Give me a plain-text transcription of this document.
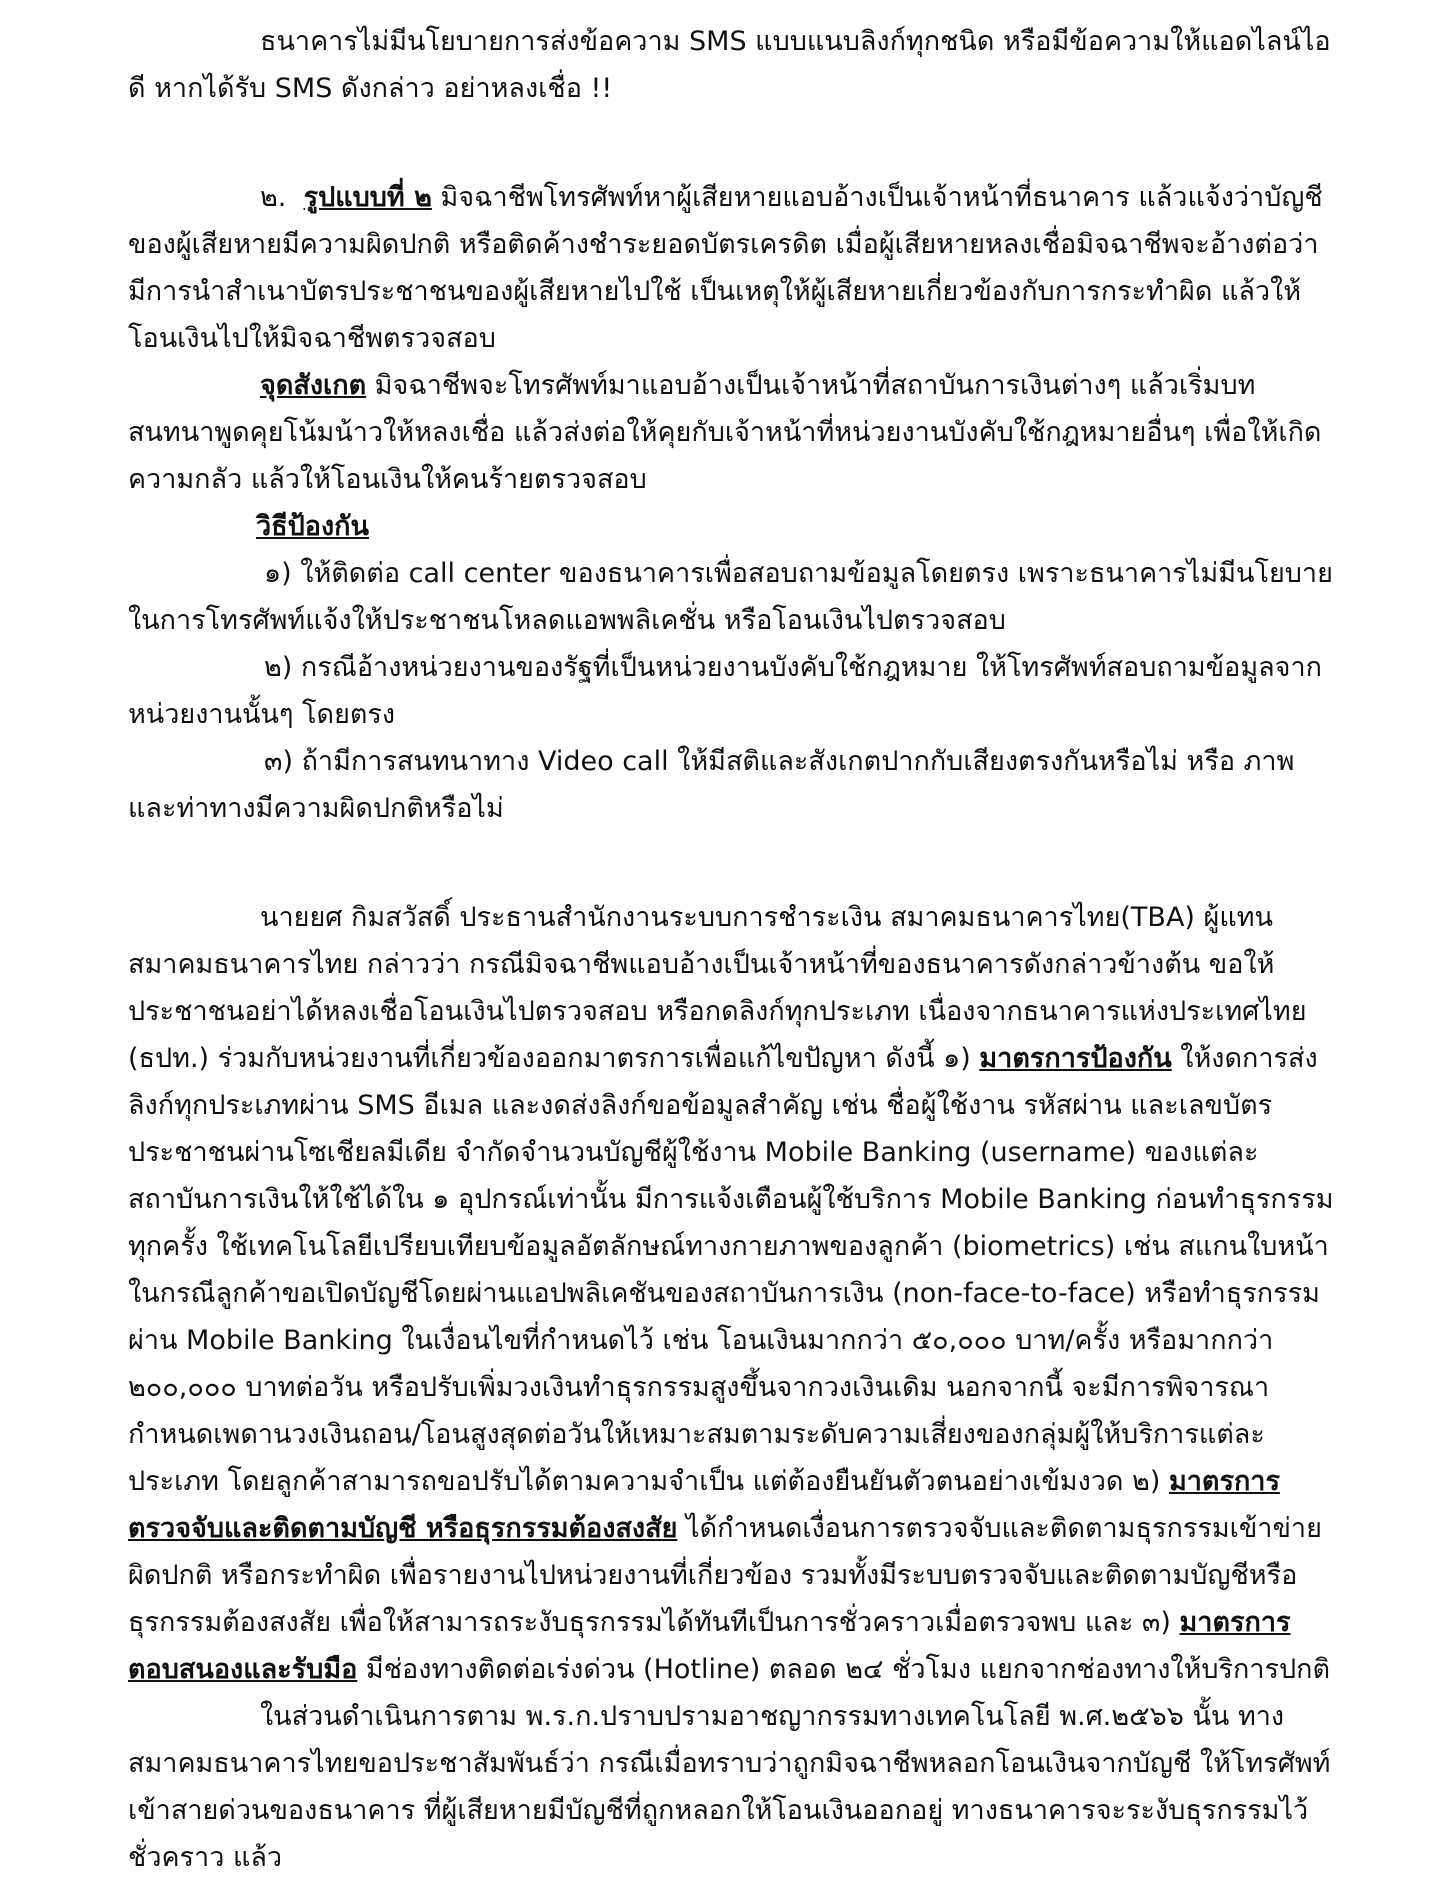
ธนาคารไม่มีนโยบายการส่งข้อความ SMS แบบแนบลิงก์ทุกชนิด หรือมีข้อความให้แอดไลน์ไอดี หากได้รับ SMS ดังกล่าว อย่าหลงเชื่อ !!

๒. รูปแบบที่ ๒ มิจฉาชีพโทรศัพท์หาผู้เสียหายแอบอ้างเป็นเจ้าหน้าที่ธนาคาร แล้วแจ้งว่าบัญชีของผู้เสียหายมีความผิดปกติ หรือติดค้างชำระยอดบัตรเครดิต เมื่อผู้เสียหายหลงเชื่อมิจฉาชีพจะอ้างต่อว่า มีการนำสำเนาบัตรประชาชนของผู้เสียหายไปใช้ เป็นเหตุให้ผู้เสียหายเกี่ยวข้องกับการกระทำผิด แล้วให้โอนเงินไปให้มิจฉาชีพตรวจสอบ

จุดสังเกต มิจฉาชีพจะโทรศัพท์มาแอบอ้างเป็นเจ้าหน้าที่สถาบันการเงินต่างๆ แล้วเริ่มบทสนทนาพูดคุยโน้มน้าวให้หลงเชื่อ แล้วส่งต่อให้คุยกับเจ้าหน้าที่หน่วยงานบังคับใช้กฎหมายอื่นๆ เพื่อให้เกิดความกลัว แล้วให้โอนเงินให้คนร้ายตรวจสอบ

วิธีป้องกัน

๑) ให้ติดต่อ call center ของธนาคารเพื่อสอบถามข้อมูลโดยตรง เพราะธนาคารไม่มีนโยบายในการโทรศัพท์แจ้งให้ประชาชนโหลดแอพพลิเคชั่น หรือโอนเงินไปตรวจสอบ

๒) กรณีอ้างหน่วยงานของรัฐที่เป็นหน่วยงานบังคับใช้กฎหมาย ให้โทรศัพท์สอบถามข้อมูลจากหน่วยงานนั้นๆ โดยตรง

๓) ถ้ามีการสนทนาทาง Video call ให้มีสติและสังเกตปากกับเสียงตรงกันหรือไม่ หรือ ภาพและท่าทางมีความผิดปกติหรือไม่

นายยศ กิมสวัสดิ์ ประธานสำนักงานระบบการชำระเงิน สมาคมธนาคารไทย(TBA) ผู้แทน สมาคมธนาคารไทย กล่าวว่า กรณีมิจฉาชีพแอบอ้างเป็นเจ้าหน้าที่ของธนาคารดังกล่าวข้างต้น ขอให้ประชาชนอย่าได้หลงเชื่อโอนเงินไปตรวจสอบ หรือกดลิงก์ทุกประเภท เนื่องจากธนาคารแห่งประเทศไทย (ธปท.) ร่วมกับหน่วยงานที่เกี่ยวข้องออกมาตรการเพื่อแก้ไขปัญหา ดังนี้ ๑) มาตรการป้องกัน ให้งดการส่งลิงก์ทุกประเภทผ่าน SMS อีเมล และงดส่งลิงก์ขอข้อมูลสำคัญ เช่น ชื่อผู้ใช้งาน รหัสผ่าน และเลขบัตรประชาชนผ่านโซเชียลมีเดีย จำกัดจำนวนบัญชีผู้ใช้งาน Mobile Banking (username) ของแต่ละสถาบันการเงินให้ใช้ได้ใน ๑ อุปกรณ์เท่านั้น มีการแจ้งเตือนผู้ใช้บริการ Mobile Banking ก่อนทำธุรกรรมทุกครั้ง ใช้เทคโนโลยีเปรียบเทียบข้อมูลอัตลักษณ์ทางกายภาพของลูกค้า (biometrics) เช่น สแกนใบหน้า ในกรณีลูกค้าขอเปิดบัญชีโดยผ่านแอปพลิเคชันของสถาบันการเงิน (non-face-to-face) หรือทำธุรกรรมผ่าน Mobile Banking ในเงื่อนไขที่กำหนดไว้ เช่น โอนเงินมากกว่า ๕๐,๐๐๐ บาท/ครั้ง หรือมากกว่า ๒๐๐,๐๐๐ บาทต่อวัน หรือปรับเพิ่มวงเงินทำธุรกรรมสูงขึ้นจากวงเงินเดิม นอกจากนี้ จะมีการพิจารณากำหนดเพดานวงเงินถอน/โอนสูงสุดต่อวันให้เหมาะสมตามระดับความเสี่ยงของกลุ่มผู้ให้บริการแต่ละประเภท โดยลูกค้าสามารถขอปรับได้ตามความจำเป็น แต่ต้องยืนยันตัวตนอย่างเข้มงวด ๒) มาตรการตรวจจับและติดตามบัญชี หรือธุรกรรมต้องสงสัย ได้กำหนดเงื่อนการตรวจจับและติดตามธุรกรรมเข้าข่ายผิดปกติ หรือกระทำผิด เพื่อรายงานไปหน่วยงานที่เกี่ยวข้อง รวมทั้งมีระบบตรวจจับและติดตามบัญชีหรือธุรกรรมต้องสงสัย เพื่อให้สามารถระงับธุรกรรมได้ทันทีเป็นการชั่วคราวเมื่อตรวจพบ และ ๓) มาตรการตอบสนองและรับมือ มีช่องทางติดต่อเร่งด่วน (Hotline) ตลอด ๒๔ ชั่วโมง แยกจากช่องทางให้บริการปกติ

ในส่วนดำเนินการตาม พ.ร.ก.ปราบปรามอาชญากรรมทางเทคโนโลยี พ.ศ.๒๕๖๖ นั้น ทางสมาคมธนาคารไทยขอประชาสัมพันธ์ว่า กรณีเมื่อทราบว่าถูกมิจฉาชีพหลอกโอนเงินจากบัญชี ให้โทรศัพท์เข้าสายด่วนของธนาคาร ที่ผู้เสียหายมีบัญชีที่ถูกหลอกให้โอนเงินออกอยู่ ทางธนาคารจะระงับธุรกรรมไว้ชั่วคราว แล้ว
